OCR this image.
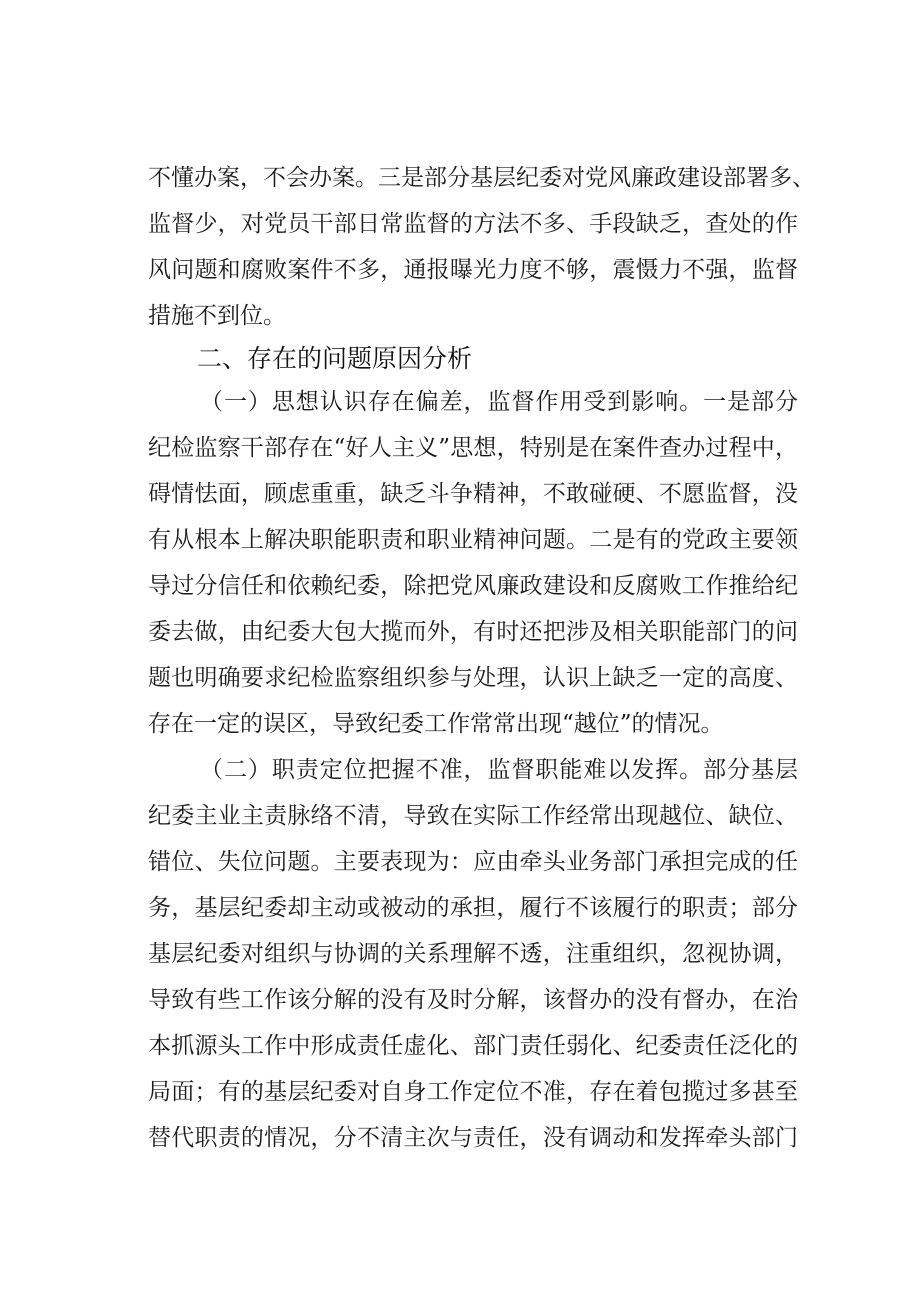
不懂办案，不会办案。三是部分基层纪委对党风廉政建设部署多、
监督少，对党员干部日常监督的方法不多、手段缺乏，查处的作
风问题和腐败案件不多，通报曝光力度不够，震慑力不强，监督
措施不到位。
二、存在的问题原因分析
（一）思想认识存在偏差，监督作用受到影响。一是部分
纪检监察干部存在“好人主义”思想，特别是在案件查办过程中，
碍情怯面，顾虑重重，缺乏斗争精神，不敢碰硬、不愿监督，没
有从根本上解决职能职责和职业精神问题。二是有的党政主要领
导过分信任和依赖纪委，除把党风廉政建设和反腐败工作推给纪
委去做，由纪委大包大揽而外，有时还把涉及相关职能部门的问
题也明确要求纪检监察组织参与处理，认识上缺乏一定的高度、
存在一定的误区，导致纪委工作常常出现“越位”的情况。
（二）职责定位把握不准，监督职能难以发挥。部分基层
纪委主业主责脉络不清，导致在实际工作经常出现越位、缺位、
错位、失位问题。主要表现为：应由牵头业务部门承担完成的任
务，基层纪委却主动或被动的承担，履行不该履行的职责；部分
基层纪委对组织与协调的关系理解不透，注重组织，忽视协调，
导致有些工作该分解的没有及时分解，该督办的没有督办，在治
本抓源头工作中形成责任虚化、部门责任弱化、纪委责任泛化的
局面；有的基层纪委对自身工作定位不准，存在着包揽过多甚至
替代职责的情况，分不清主次与责任，没有调动和发挥牵头部门
